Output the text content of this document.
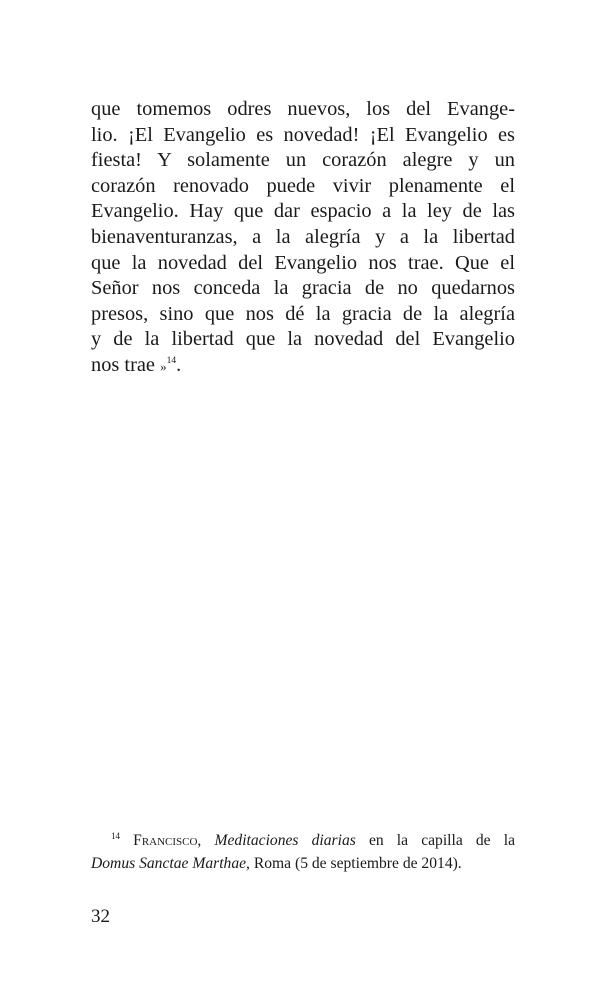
que tomemos odres nuevos, los del Evange-
lio. ¡El Evangelio es novedad! ¡El Evangelio es
fiesta! Y solamente un corazón alegre y un
corazón renovado puede vivir plenamente el
Evangelio. Hay que dar espacio a la ley de las
bienaventuranzas, a la alegría y a la libertad
que la novedad del Evangelio nos trae. Que el
Señor nos conceda la gracia de no quedarnos
presos, sino que nos dé la gracia de la alegría
y de la libertad que la novedad del Evangelio
nos trae »$^{14}$.
$^{14}$ Francisco, Meditaciones diarias en la capilla de la
Domus Sanctae Marthae, Roma (5 de septiembre de 2014).
32
